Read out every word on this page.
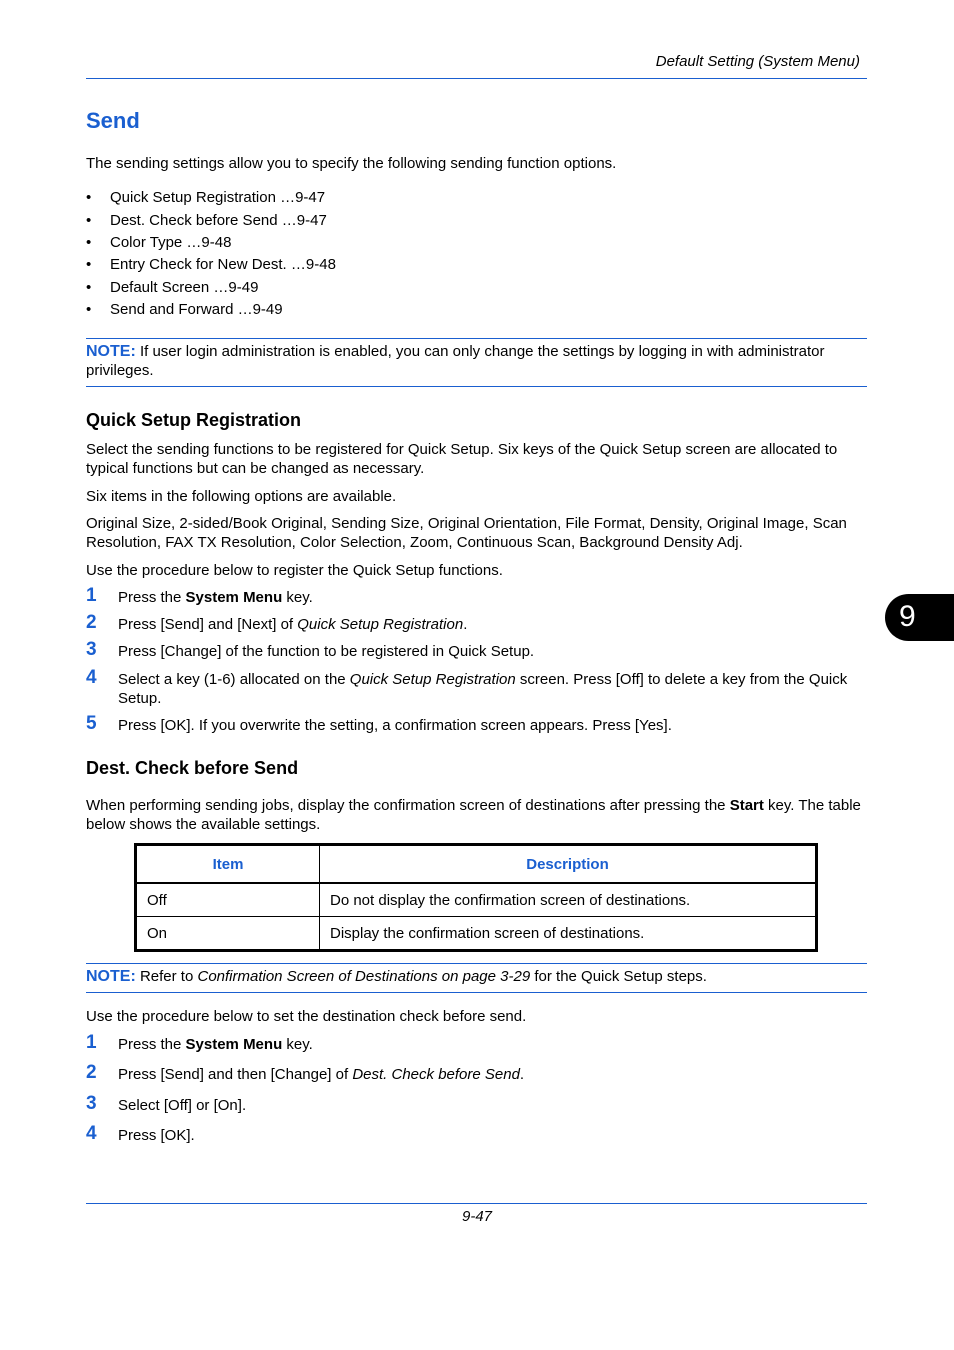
Default Setting (System Menu)
9
Send
The sending settings allow you to specify the following sending function options.
• Quick Setup Registration …9-47
• Dest. Check before Send …9-47
• Color Type …9-48
• Entry Check for New Dest. …9-48
• Default Screen …9-49
• Send and Forward …9-49
NOTE: If user login administration is enabled, you can only change the settings by logging in with administrator privileges.
Quick Setup Registration
Select the sending functions to be registered for Quick Setup. Six keys of the Quick Setup screen are allocated to typical functions but can be changed as necessary.
Six items in the following options are available.
Original Size, 2-sided/Book Original, Sending Size, Original Orientation, File Format, Density, Original Image, Scan Resolution, FAX TX Resolution, Color Selection, Zoom, Continuous Scan, Background Density Adj.
Use the procedure below to register the Quick Setup functions.
1 Press the System Menu key.
2 Press [Send] and [Next] of Quick Setup Registration.
3 Press [Change] of the function to be registered in Quick Setup.
4 Select a key (1-6) allocated on the Quick Setup Registration screen. Press [Off] to delete a key from the Quick Setup.
5 Press [OK]. If you overwrite the setting, a confirmation screen appears. Press [Yes].
Dest. Check before Send
When performing sending jobs, display the confirmation screen of destinations after pressing the Start key. The table below shows the available settings.
Item	Description
Off	Do not display the confirmation screen of destinations.
On	Display the confirmation screen of destinations.
NOTE: Refer to Confirmation Screen of Destinations on page 3-29 for the Quick Setup steps.
Use the procedure below to set the destination check before send.
1 Press the System Menu key.
2 Press [Send] and then [Change] of Dest. Check before Send.
3 Select [Off] or [On].
4 Press [OK].
9-47
